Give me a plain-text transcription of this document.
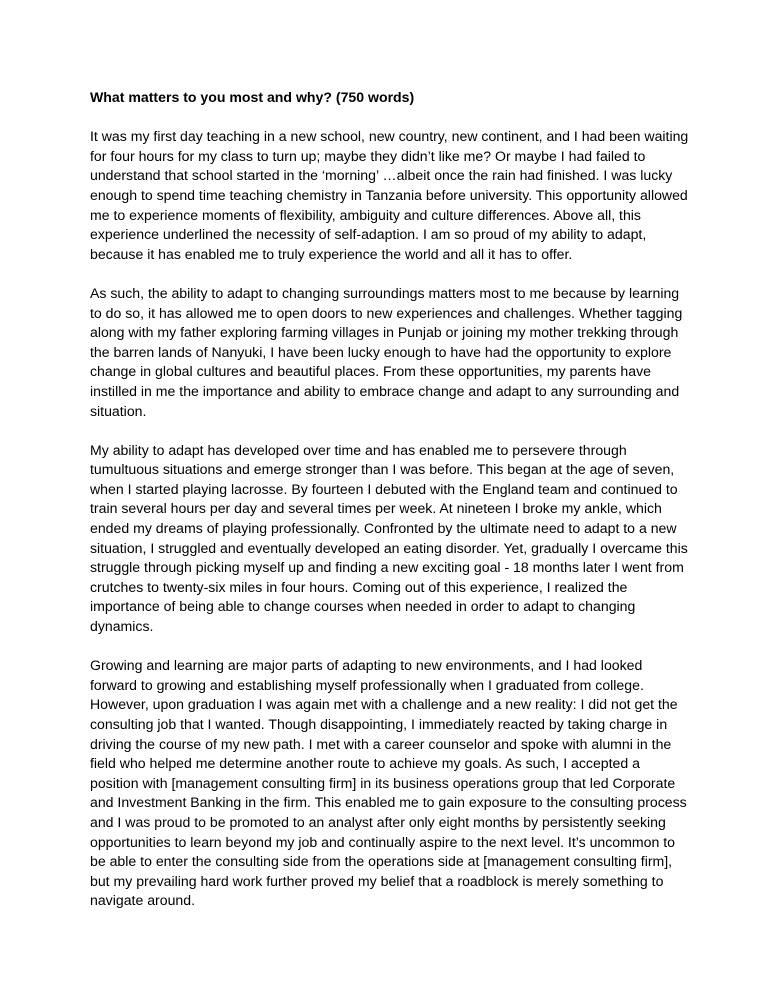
What matters to you most and why? (750 words)

It was my first day teaching in a new school, new country, new continent, and I had been waiting for four hours for my class to turn up; maybe they didn’t like me? Or maybe I had failed to understand that school started in the ‘morning’ …albeit once the rain had finished. I was lucky enough to spend time teaching chemistry in Tanzania before university. This opportunity allowed me to experience moments of flexibility, ambiguity and culture differences. Above all, this experience underlined the necessity of self-adaption. I am so proud of my ability to adapt, because it has enabled me to truly experience the world and all it has to offer.

As such, the ability to adapt to changing surroundings matters most to me because by learning to do so, it has allowed me to open doors to new experiences and challenges. Whether tagging along with my father exploring farming villages in Punjab or joining my mother trekking through the barren lands of Nanyuki, I have been lucky enough to have had the opportunity to explore change in global cultures and beautiful places. From these opportunities, my parents have instilled in me the importance and ability to embrace change and adapt to any surrounding and situation.

My ability to adapt has developed over time and has enabled me to persevere through tumultuous situations and emerge stronger than I was before. This began at the age of seven, when I started playing lacrosse. By fourteen I debuted with the England team and continued to train several hours per day and several times per week. At nineteen I broke my ankle, which ended my dreams of playing professionally. Confronted by the ultimate need to adapt to a new situation, I struggled and eventually developed an eating disorder. Yet, gradually I overcame this struggle through picking myself up and finding a new exciting goal - 18 months later I went from crutches to twenty-six miles in four hours. Coming out of this experience, I realized the importance of being able to change courses when needed in order to adapt to changing dynamics.

Growing and learning are major parts of adapting to new environments, and I had looked forward to growing and establishing myself professionally when I graduated from college. However, upon graduation I was again met with a challenge and a new reality: I did not get the consulting job that I wanted. Though disappointing, I immediately reacted by taking charge in driving the course of my new path. I met with a career counselor and spoke with alumni in the field who helped me determine another route to achieve my goals. As such, I accepted a position with [management consulting firm] in its business operations group that led Corporate and Investment Banking in the firm. This enabled me to gain exposure to the consulting process and I was proud to be promoted to an analyst after only eight months by persistently seeking opportunities to learn beyond my job and continually aspire to the next level. It’s uncommon to be able to enter the consulting side from the operations side at [management consulting firm], but my prevailing hard work further proved my belief that a roadblock is merely something to navigate around.
